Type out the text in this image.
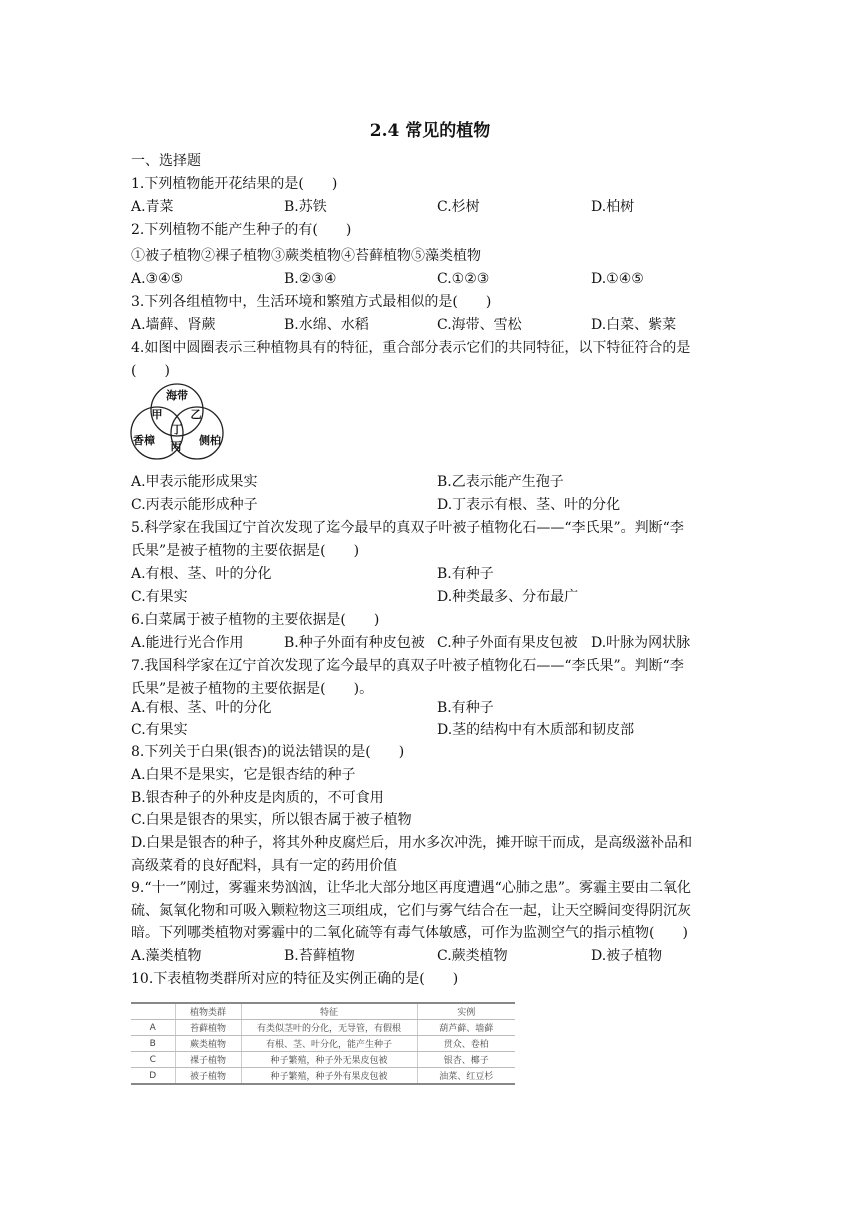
2.4 常见的植物
一、选择题
1.下列植物能开花结果的是(　　)
A.青菜	B.苏铁	C.杉树	D.柏树
2.下列植物不能产生种子的有(　　)
①被子植物②裸子植物③蕨类植物④苔藓植物⑤藻类植物
A.③④⑤	B.②③④	C.①②③	D.①④⑤
3.下列各组植物中，生活环境和繁殖方式最相似的是(　　)
A.墙藓、肾蕨	B.水绵、水稻	C.海带、雪松	D.白菜、紫菜
4.如图中圆圈表示三种植物具有的特征，重合部分表示它们的共同特征，以下特征符合的是
(　　)
海带
香樟	侧柏
甲	乙
丙
丁
A.甲表示能形成果实	B.乙表示能产生孢子
C.丙表示能形成种子	D.丁表示有根、茎、叶的分化
5.科学家在我国辽宁首次发现了迄今最早的真双子叶被子植物化石——“李氏果”。判断“李
氏果”是被子植物的主要依据是(　　)
A.有根、茎、叶的分化	B.有种子
C.有果实	D.种类最多、分布最广
6.白菜属于被子植物的主要依据是(　　)
A.能进行光合作用	B.种子外面有种皮包被 C.种子外面有果皮包被 D.叶脉为网状脉
7.我国科学家在辽宁首次发现了迄今最早的真双子叶被子植物化石——“李氏果”。判断“李
氏果”是被子植物的主要依据是(　　)。
A.有根、茎、叶的分化	B.有种子
C.有果实	D.茎的结构中有木质部和韧皮部
8.下列关于白果(银杏)的说法错误的是(　　)
A.白果不是果实，它是银杏结的种子
B.银杏种子的外种皮是肉质的，不可食用
C.白果是银杏的果实，所以银杏属于被子植物
D.白果是银杏的种子，将其外种皮腐烂后，用水多次冲洗，摊开晾干而成，是高级滋补品和
高级菜肴的良好配料，具有一定的药用价值
9.“十一”刚过，雾霾来势汹汹，让华北大部分地区再度遭遇“心肺之患”。雾霾主要由二氧化
硫、氮氧化物和可吸入颗粒物这三项组成，它们与雾气结合在一起，让天空瞬间变得阴沉灰
暗。下列哪类植物对雾霾中的二氧化硫等有毒气体敏感，可作为监测空气的指示植物(　　)
A.藻类植物	B.苔藓植物	C.蕨类植物	D.被子植物
10.下表植物类群所对应的特征及实例正确的是(　　)
	植物类群	特征	实例
A	苔藓植物	有类似茎叶的分化，无导管，有假根	葫芦藓、墙藓
B	蕨类植物	有根、茎、叶分化，能产生种子	贯众、卷柏
C	裸子植物	种子繁殖，种子外无果皮包被	银杏、椰子
D	被子植物	种子繁殖，种子外有果皮包被	油菜、红豆杉
